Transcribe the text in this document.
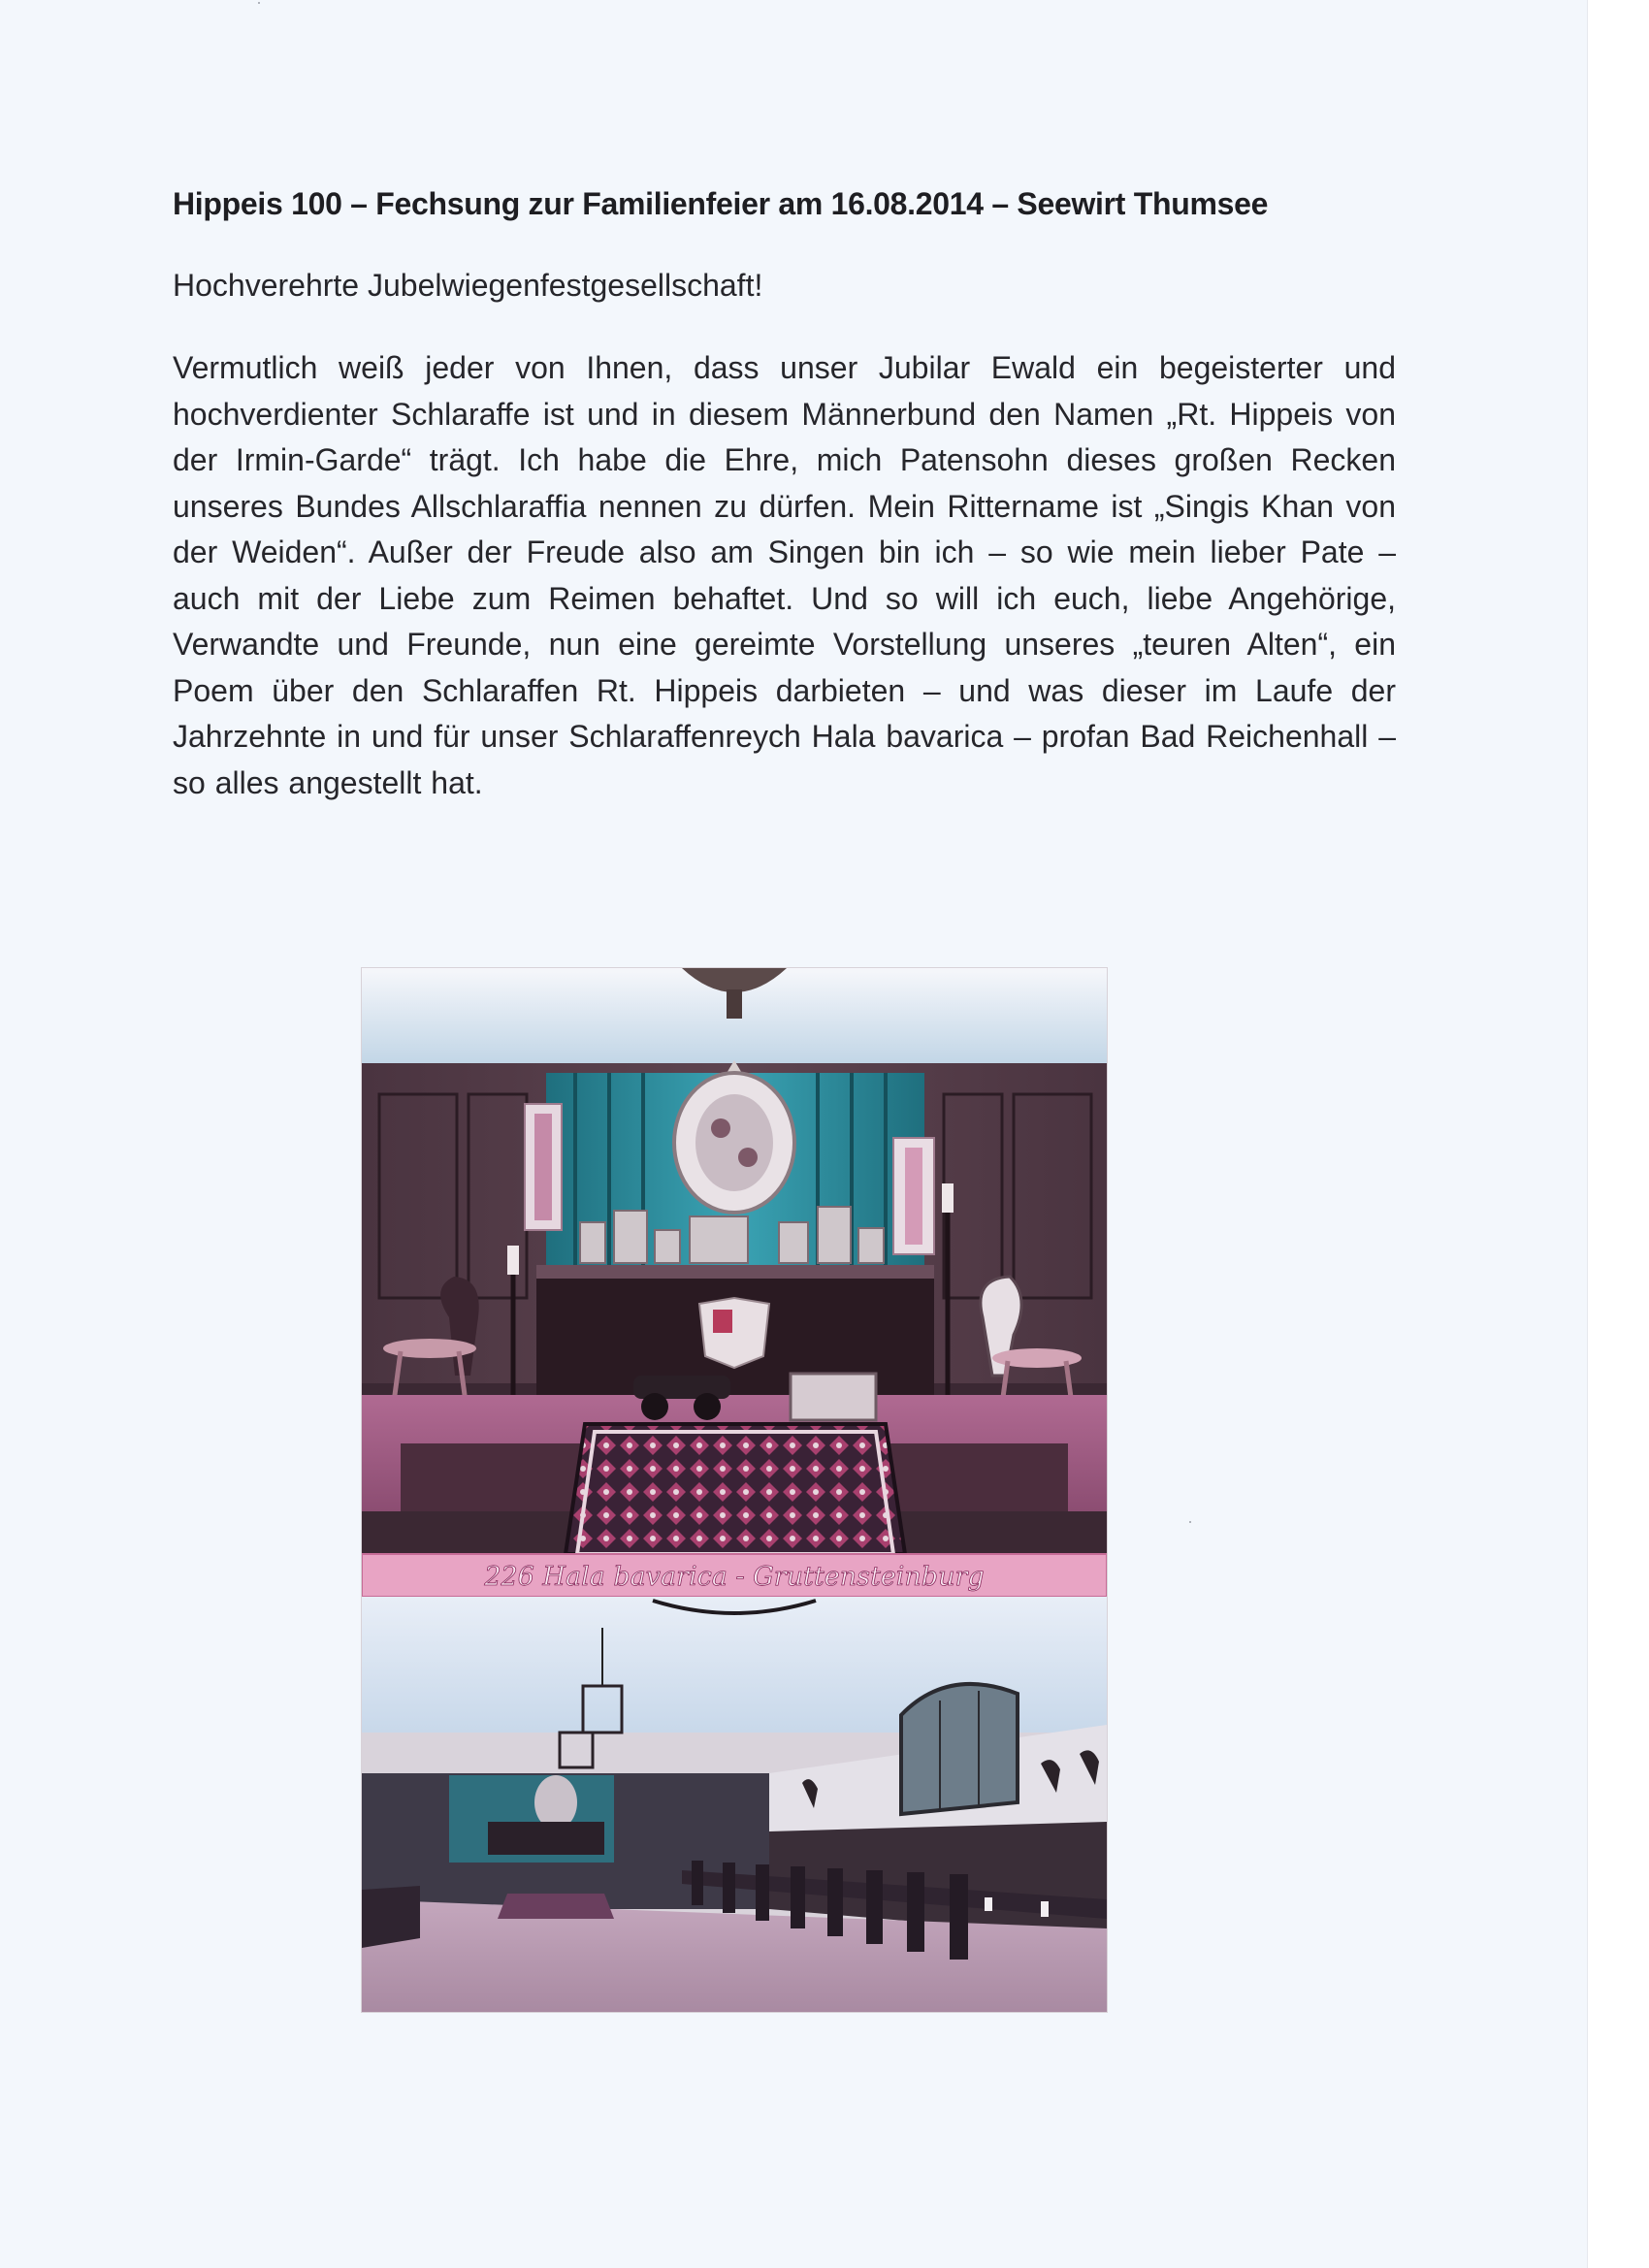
Hippeis 100 – Fechsung zur Familienfeier am 16.08.2014 – Seewirt Thumsee

Hochverehrte Jubelwiegenfestgesellschaft!

Vermutlich weiß jeder von Ihnen, dass unser Jubilar Ewald ein begeisterter und hochverdienter Schlaraffe ist und in diesem Männerbund den Namen „Rt. Hippeis von der Irmin-Garde“ trägt. Ich habe die Ehre, mich Patensohn dieses großen Recken unseres Bundes Allschlaraffia nennen zu dürfen. Mein Rittername ist „Singis Khan von der Weiden“. Außer der Freude also am Singen bin ich – so wie mein lieber Pate – auch mit der Liebe zum Reimen behaftet. Und so will ich euch, liebe Angehörige, Verwandte und Freunde, nun eine gereimte Vorstellung unseres „teuren Alten“, ein Poem über den Schlaraffen Rt. Hippeis darbieten – und was dieser im Laufe der Jahrzehnte in und für unser Schlaraffenreych Hala bavarica – profan Bad Reichenhall – so alles angestellt hat.

226 Hala bavarica - Gruttensteinburg
